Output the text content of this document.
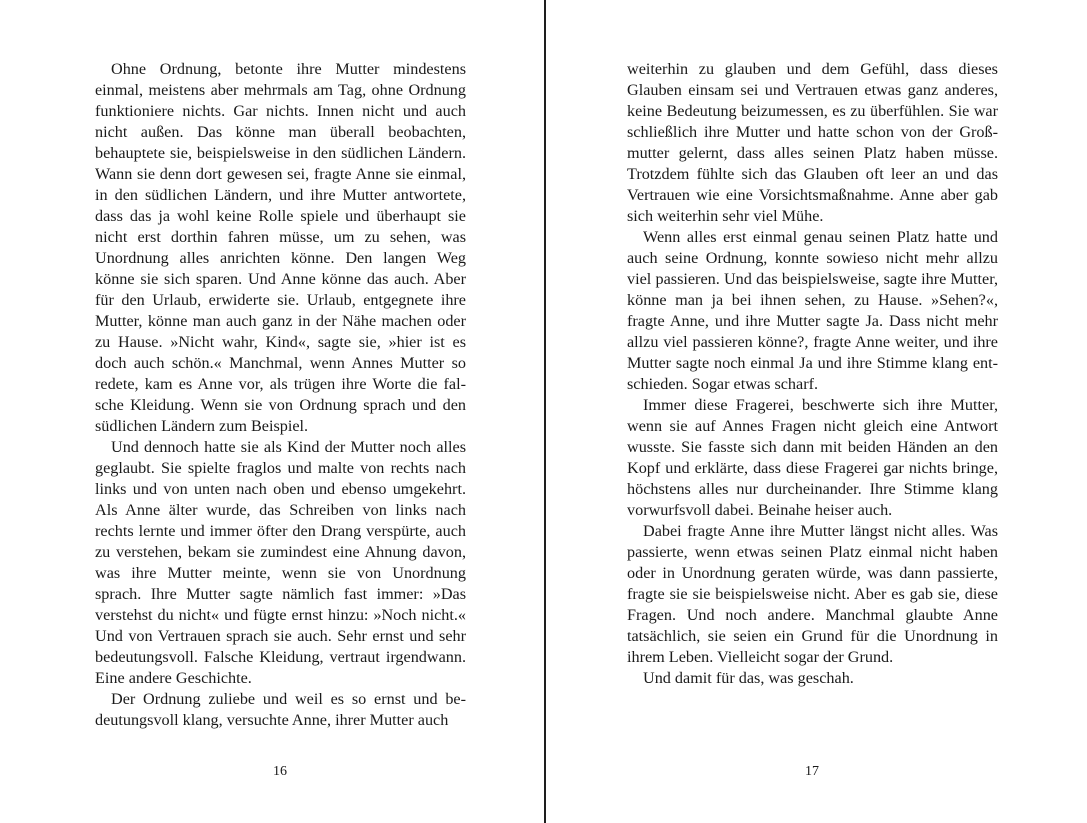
Ohne Ordnung, betonte ihre Mutter mindestens einmal, meistens aber mehrmals am Tag, ohne Ordnung funktioniere nichts. Gar nichts. Innen nicht und auch nicht außen. Das könne man überall beobachten, behauptete sie, beispielsweise in den südlichen Ländern. Wann sie denn dort gewesen sei, fragte Anne sie einmal, in den südlichen Ländern, und ihre Mutter antwortete, dass das ja wohl keine Rolle spiele und überhaupt sie nicht erst dorthin fahren müsse, um zu sehen, was Unordnung alles anrichten könne. Den langen Weg könne sie sich sparen. Und Anne könne das auch. Aber für den Urlaub, erwiderte sie. Urlaub, entgegnete ihre Mutter, könne man auch ganz in der Nähe machen oder zu Hause. »Nicht wahr, Kind«, sagte sie, »hier ist es doch auch schön.« Manchmal, wenn Annes Mutter so redete, kam es Anne vor, als trügen ihre Worte die falsche Kleidung. Wenn sie von Ordnung sprach und den südlichen Ländern zum Beispiel.

Und dennoch hatte sie als Kind der Mutter noch alles geglaubt. Sie spielte fraglos und malte von rechts nach links und von unten nach oben und ebenso umgekehrt. Als Anne älter wurde, das Schreiben von links nach rechts lernte und immer öfter den Drang verspürte, auch zu verstehen, bekam sie zumindest eine Ahnung davon, was ihre Mutter meinte, wenn sie von Unordnung sprach. Ihre Mutter sagte nämlich fast immer: »Das verstehst du nicht« und fügte ernst hinzu: »Noch nicht.« Und von Vertrauen sprach sie auch. Sehr ernst und sehr bedeutungsvoll. Falsche Kleidung, vertraut irgendwann. Eine andere Geschichte.

Der Ordnung zuliebe und weil es so ernst und bedeutungsvoll klang, versuchte Anne, ihrer Mutter auch

16

weiterhin zu glauben und dem Gefühl, dass dieses Glauben einsam sei und Vertrauen etwas ganz anderes, keine Bedeutung beizumessen, es zu überfühlen. Sie war schließlich ihre Mutter und hatte schon von der Großmutter gelernt, dass alles seinen Platz haben müsse. Trotzdem fühlte sich das Glauben oft leer an und das Vertrauen wie eine Vorsichtsmaßnahme. Anne aber gab sich weiterhin sehr viel Mühe.

Wenn alles erst einmal genau seinen Platz hatte und auch seine Ordnung, konnte sowieso nicht mehr allzu viel passieren. Und das beispielsweise, sagte ihre Mutter, könne man ja bei ihnen sehen, zu Hause. »Sehen?«, fragte Anne, und ihre Mutter sagte Ja. Dass nicht mehr allzu viel passieren könne?, fragte Anne weiter, und ihre Mutter sagte noch einmal Ja und ihre Stimme klang entschieden. Sogar etwas scharf.

Immer diese Fragerei, beschwerte sich ihre Mutter, wenn sie auf Annes Fragen nicht gleich eine Antwort wusste. Sie fasste sich dann mit beiden Händen an den Kopf und erklärte, dass diese Fragerei gar nichts bringe, höchstens alles nur durcheinander. Ihre Stimme klang vorwurfsvoll dabei. Beinahe heiser auch.

Dabei fragte Anne ihre Mutter längst nicht alles. Was passierte, wenn etwas seinen Platz einmal nicht haben oder in Unordnung geraten würde, was dann passierte, fragte sie sie beispielsweise nicht. Aber es gab sie, diese Fragen. Und noch andere. Manchmal glaubte Anne tatsächlich, sie seien ein Grund für die Unordnung in ihrem Leben. Vielleicht sogar der Grund.

Und damit für das, was geschah.

17
